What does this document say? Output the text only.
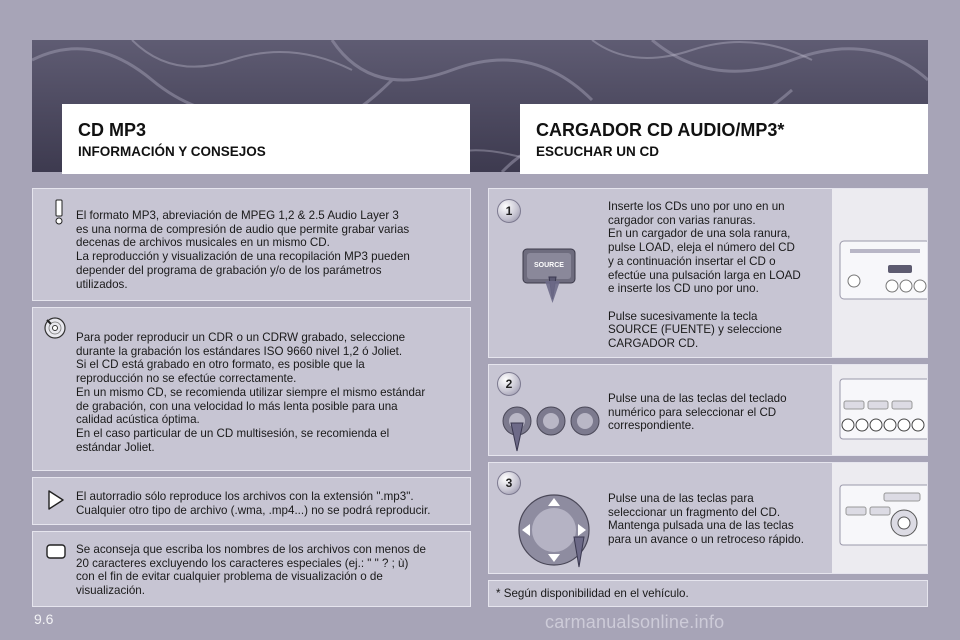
CD MP3
INFORMACIÓN Y CONSEJOS
CARGADOR CD AUDIO/MP3*
ESCUCHAR UN CD
El formato MP3, abreviación de MPEG 1,2 & 2.5 Audio Layer 3
es una norma de compresión de audio que permite grabar varias
decenas de archivos musicales en un mismo CD.
La reproducción y visualización de una recopilación MP3 pueden
depender del programa de grabación y/o de los parámetros
utilizados.
Para poder reproducir un CDR o un CDRW grabado, seleccione
durante la grabación los estándares ISO 9660 nivel 1,2 ó Joliet.
Si el CD está grabado en otro formato, es posible que la
reproducción no se efectúe correctamente.
En un mismo CD, se recomienda utilizar siempre el mismo estándar
de grabación, con una velocidad lo más lenta posible para una
calidad acústica óptima.
En el caso particular de un CD multisesión, se recomienda el
estándar Joliet.
El autorradio sólo reproduce los archivos con la extensión ".mp3".
Cualquier otro tipo de archivo (.wma, .mp4...) no se podrá reproducir.
Se aconseja que escriba los nombres de los archivos con menos de
20 caracteres excluyendo los caracteres especiales (ej.: " " ? ; ù)
con el fin de evitar cualquier problema de visualización o de
visualización.
1
SOURCE
Inserte los CDs uno por uno en un
cargador con varias ranuras.
En un cargador de una sola ranura,
pulse LOAD, eleja el número del CD
y a continuación insertar el CD o
efectúe una pulsación larga en LOAD
e inserte los CD uno por uno.
Pulse sucesivamente la tecla
SOURCE (FUENTE) y seleccione
CARGADOR CD.
2
Pulse una de las teclas del teclado
numérico para seleccionar el CD
correspondiente.
3
Pulse una de las teclas para
seleccionar un fragmento del CD.
Mantenga pulsada una de las teclas
para un avance o un retroceso rápido.
* Según disponibilidad en el vehículo.
9.6	carmanualsonline.info
